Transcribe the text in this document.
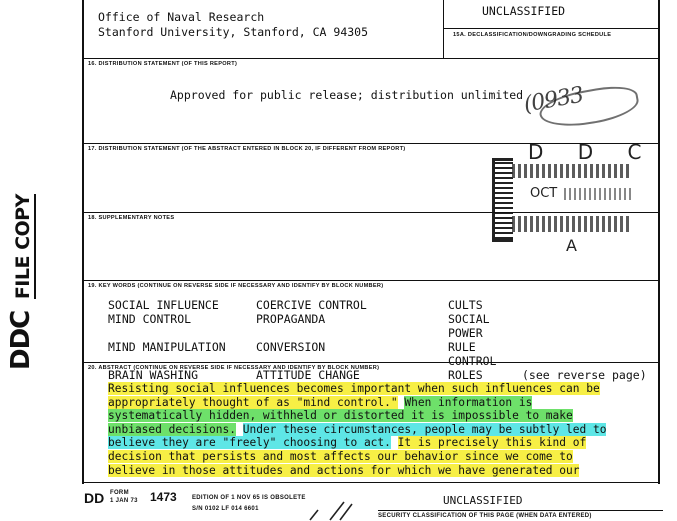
DDC FILE COPY
Office of Naval Research
Stanford University, Stanford, CA 94305
UNCLASSIFIED
15A. DECLASSIFICATION/DOWNGRADING SCHEDULE
16. DISTRIBUTION STATEMENT (OF THIS REPORT)
Approved for public release; distribution unlimited
(0933
17. DISTRIBUTION STATEMENT (OF THE ABSTRACT ENTERED IN BLOCK 20, IF DIFFERENT FROM REPORT)	D D C
OCT
A
18. SUPPLEMENTARY NOTES
19. KEY WORDS (CONTINUE ON REVERSE SIDE IF NECESSARY AND IDENTIFY BY BLOCK NUMBER)
SOCIAL INFLUENCE	COERCIVE CONTROL	CULTS
MIND CONTROL	PROPAGANDA	SOCIAL POWER
MIND MANIPULATION	CONVERSION	RULE CONTROL
BRAIN WASHING	ATTITUDE CHANGE	ROLES	(see reverse page)
20. ABSTRACT (CONTINUE ON REVERSE SIDE IF NECESSARY AND IDENTIFY BY BLOCK NUMBER)
Resisting social influences becomes important when such influences can be appropriately thought of as "mind control." When information is systematically hidden, withheld or distorted it is impossible to make unbiased decisions. Under these circumstances, people may be subtly led to believe they are "freely" choosing to act. It is precisely this kind of decision that persists and most affects our behavior since we come to believe in those attitudes and actions for which we have generated our
DD FORM
1 JAN 73 1473	EDITION OF 1 NOV 65 IS OBSOLETE
S/N 0102 LF 014 6601
UNCLASSIFIED
SECURITY CLASSIFICATION OF THIS PAGE (WHEN DATA ENTERED)
